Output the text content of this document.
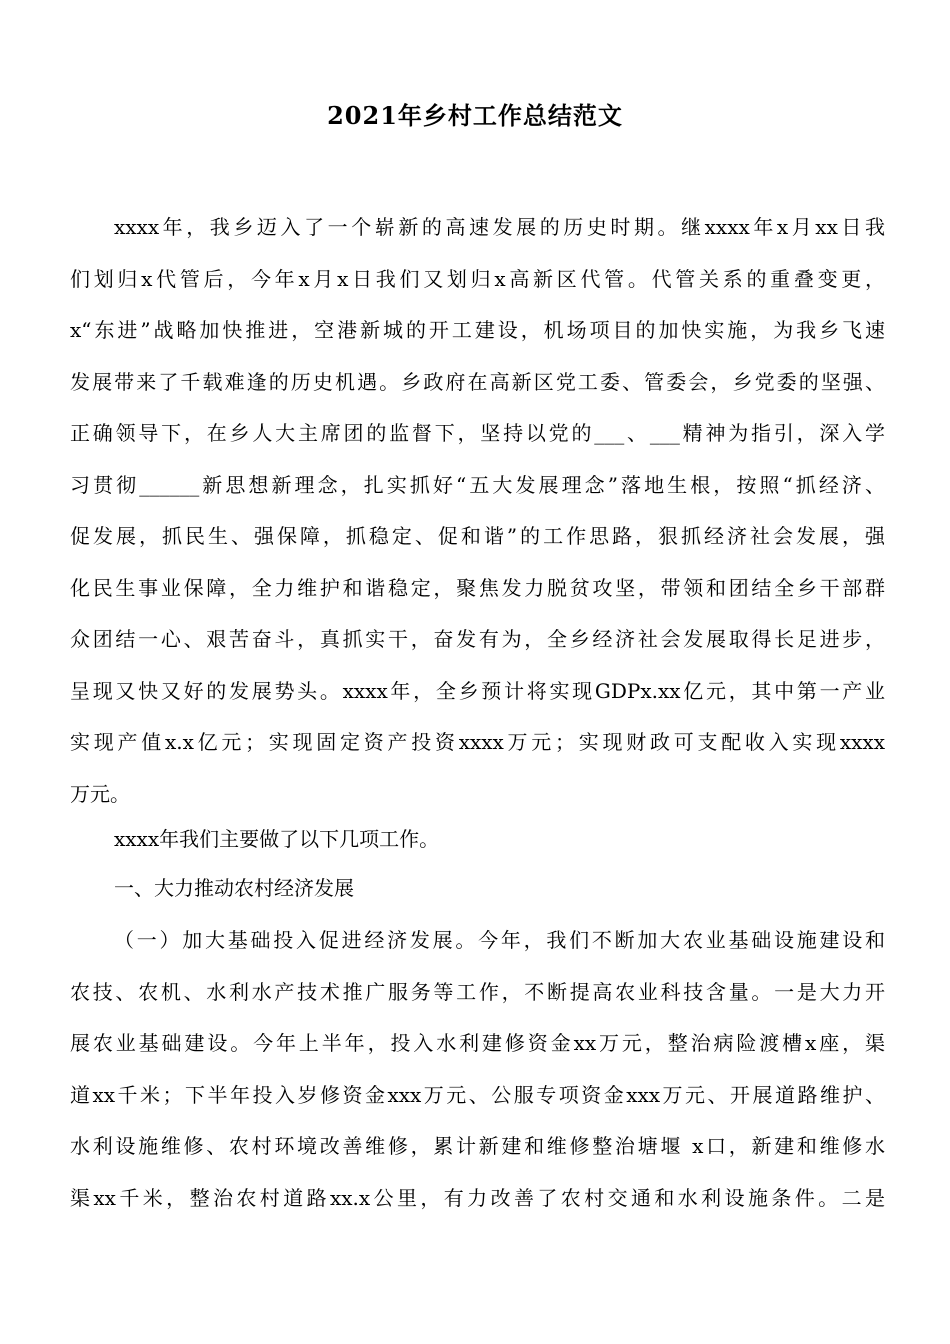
2021年乡村工作总结范文
xxxx年，我乡迈入了一个崭新的高速发展的历史时期。继xxxx年x月xx日我
们划归x代管后，今年x月x日我们又划归x高新区代管。代管关系的重叠变更，
x“东进”战略加快推进，空港新城的开工建设，机场项目的加快实施，为我乡飞速
发展带来了千载难逢的历史机遇。乡政府在高新区党工委、管委会，乡党委的坚强、
正确领导下，在乡人大主席团的监督下，坚持以党的___、___精神为指引，深入学
习贯彻______新思想新理念，扎实抓好“五大发展理念”落地生根，按照“抓经济、
促发展，抓民生、强保障，抓稳定、促和谐”的工作思路，狠抓经济社会发展，强
化民生事业保障，全力维护和谐稳定，聚焦发力脱贫攻坚，带领和团结全乡干部群
众团结一心、艰苦奋斗，真抓实干，奋发有为，全乡经济社会发展取得长足进步，
呈现又快又好的发展势头。xxxx年，全乡预计将实现GDPx.xx亿元，其中第一产业
实现产值x.x亿元；实现固定资产投资xxxx万元；实现财政可支配收入实现xxxx
万元。
xxxx年我们主要做了以下几项工作。
一、大力推动农村经济发展
（一）加大基础投入促进经济发展。今年，我们不断加大农业基础设施建设和
农技、农机、水利水产技术推广服务等工作，不断提高农业科技含量。一是大力开
展农业基础建设。今年上半年，投入水利建修资金xx万元，整治病险渡槽x座，渠
道xx千米；下半年投入岁修资金xxx万元、公服专项资金xxx万元、开展道路维护、
水利设施维修、农村环境改善维修，累计新建和维修整治塘堰 x口，新建和维修水
渠xx千米，整治农村道路xx.x公里，有力改善了农村交通和水利设施条件。二是
